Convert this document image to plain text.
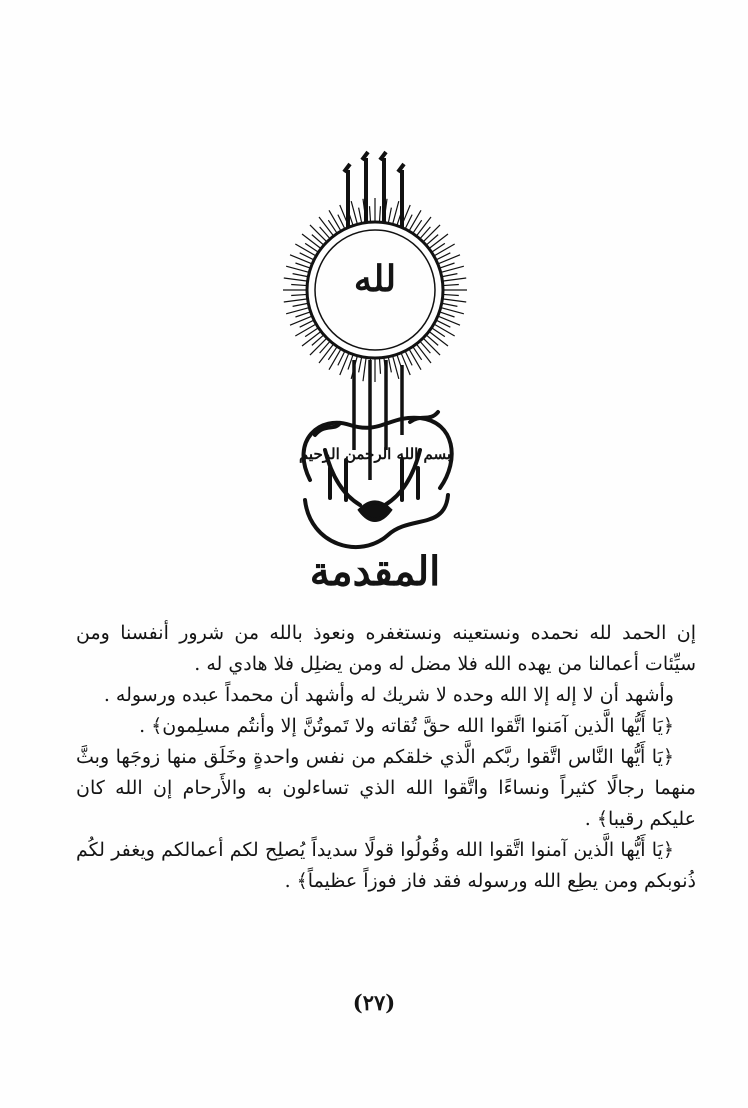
لله
بسم الله الرحمن الرحيم
المقدمة

إن الحمد لله نحمده ونستعينه ونستغفره ونعوذ بالله من شرور أنفسنا ومن سيِّئات أعمالنا من يهده الله فلا مضل له ومن يضلِل فلا هادي له .

وأشهد أن لا إله إلا الله وحده لا شريك له وأشهد أن محمداً عبده ورسوله .

﴿يَا أَيُّها الَّذين آمَنوا اتَّقوا الله حقَّ تُقاته ولا تَموتُنَّ إلا وأنتُم مسلِمون﴾ .

﴿يَا أَيُّها النَّاس اتَّقوا ربَّكم الَّذي خلقكم من نفس واحدةٍ وخَلَق منها زوجَها وبثَّ منهما رجالًا كثيراً ونساءًا واتَّقوا الله الذي تساءلون به والأَرحام إن الله كان عليكم رقيبا﴾ .

﴿يَا أَيُّها الَّذين آمنوا اتَّقوا الله وقُولُوا قولًا سديداً يُصلِح لكم أعمالكم ويغفر لكُم ذُنوبكم ومن يطِع الله ورسوله فقد فاز فوزاً عظيماً﴾ .

(٢٧)
